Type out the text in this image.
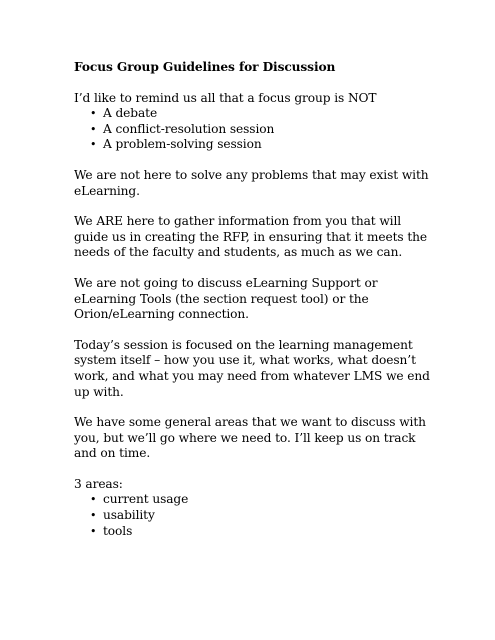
Focus Group Guidelines for Discussion
I’d like to remind us all that a focus group is NOT
• A debate
• A conflict-resolution session
• A problem-solving session
We are not here to solve any problems that may exist with eLearning.
We ARE here to gather information from you that will guide us in creating the RFP, in ensuring that it meets the needs of the faculty and students, as much as we can.
We are not going to discuss eLearning Support or eLearning Tools (the section request tool) or the Orion/eLearning connection.
Today’s session is focused on the learning management system itself – how you use it, what works, what doesn’t work, and what you may need from whatever LMS we end up with.
We have some general areas that we want to discuss with you, but we’ll go where we need to. I’ll keep us on track and on time.
3 areas:
• current usage
• usability
• tools
